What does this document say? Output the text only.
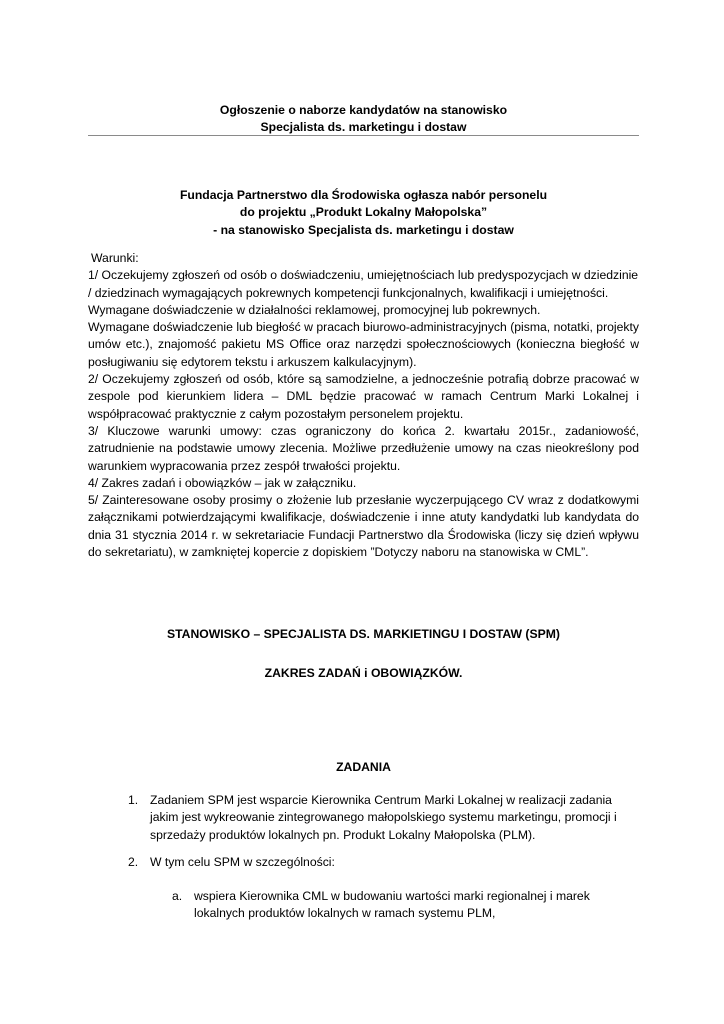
Ogłoszenie o naborze kandydatów na stanowisko
Specjalista ds. marketingu i dostaw
Fundacja Partnerstwo dla Środowiska ogłasza nabór personelu
do projektu „Produkt Lokalny Małopolska”
- na stanowisko Specjalista ds. marketingu i dostaw

Warunki:

1/ Oczekujemy zgłoszeń od osób o doświadczeniu, umiejętnościach lub predyspozycjach w dziedzinie / dziedzinach wymagających pokrewnych kompetencji funkcjonalnych, kwalifikacji i umiejętności.

Wymagane doświadczenie w działalności reklamowej, promocyjnej lub pokrewnych.

Wymagane doświadczenie lub biegłość w pracach biurowo-administracyjnych (pisma, notatki, projekty umów etc.), znajomość pakietu MS Office oraz narzędzi społecznościowych (konieczna biegłość w posługiwaniu się edytorem tekstu i arkuszem kalkulacyjnym).

2/ Oczekujemy zgłoszeń od osób, które są samodzielne, a jednocześnie potrafią dobrze pracować w zespole pod kierunkiem lidera – DML będzie pracować w ramach Centrum Marki Lokalnej i współpracować praktycznie z całym pozostałym personelem projektu.

3/ Kluczowe warunki umowy: czas ograniczony do końca 2. kwartału 2015r., zadaniowość, zatrudnienie na podstawie umowy zlecenia. Możliwe przedłużenie umowy na czas nieokreślony pod warunkiem wypracowania przez zespół trwałości projektu.

4/ Zakres zadań i obowiązków – jak w załączniku.

5/ Zainteresowane osoby prosimy o złożenie lub przesłanie wyczerpującego CV wraz z dodatkowymi załącznikami potwierdzającymi kwalifikacje, doświadczenie i inne atuty kandydatki lub kandydata do dnia 31 stycznia 2014 r. w sekretariacie Fundacji Partnerstwo dla Środowiska (liczy się dzień wpływu do sekretariatu), w zamkniętej kopercie z dopiskiem ”Dotyczy naboru na stanowiska w CML”.

STANOWISKO – SPECJALISTA DS. MARKIETINGU I DOSTAW (SPM)
ZAKRES ZADAŃ i OBOWIĄZKÓW.
ZADANIA
1. Zadaniem SPM jest wsparcie Kierownika Centrum Marki Lokalnej w realizacji zadania jakim jest wykreowanie zintegrowanego małopolskiego systemu marketingu, promocji i sprzedaży produktów lokalnych pn. Produkt Lokalny Małopolska (PLM).
2. W tym celu SPM w szczególności:
a. wspiera Kierownika CML w budowaniu wartości marki regionalnej i marek lokalnych produktów lokalnych w ramach systemu PLM,
